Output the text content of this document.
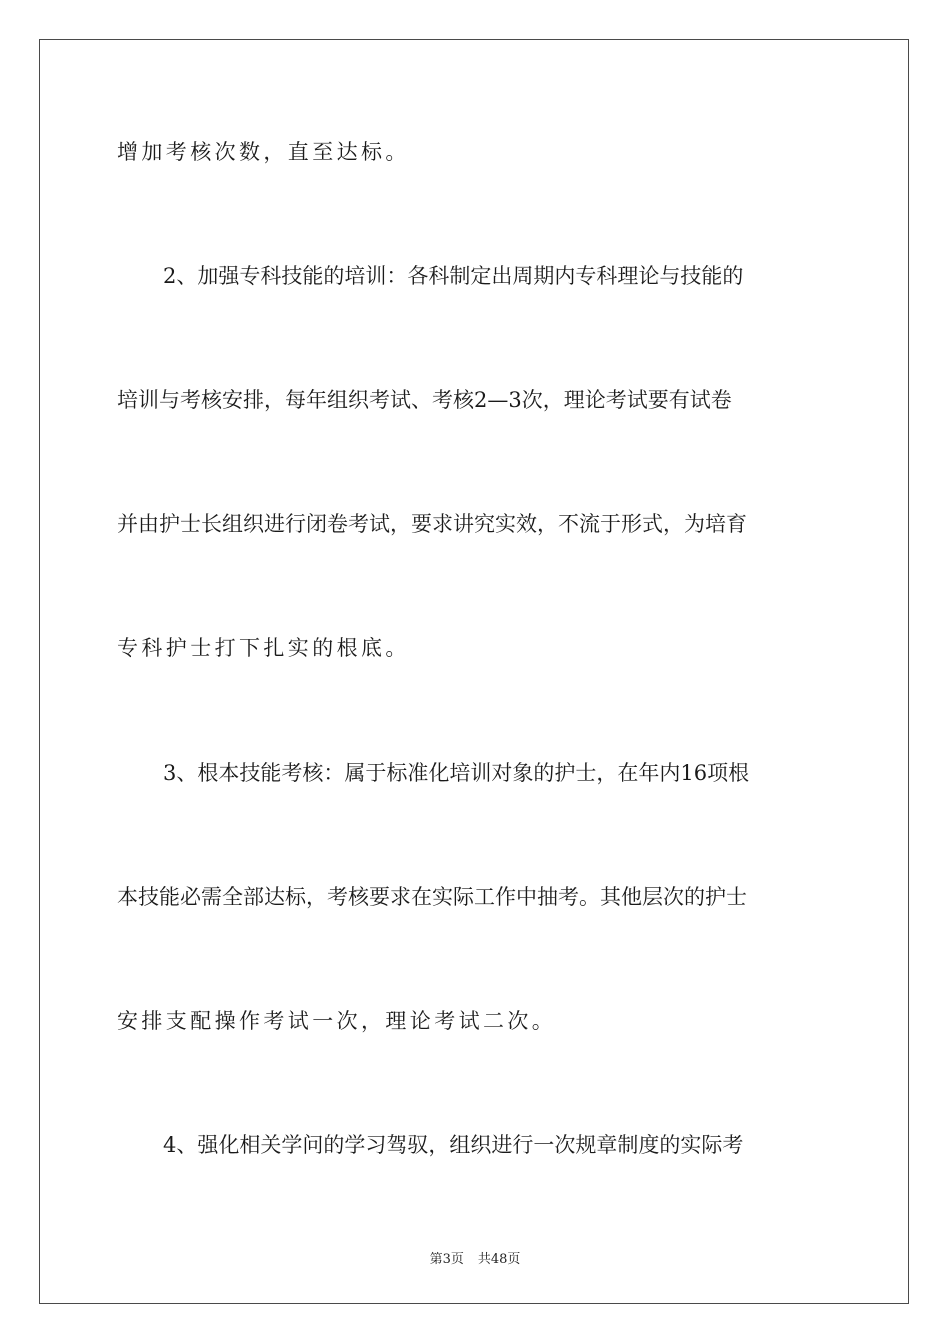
增加考核次数，直至达标。
2、加强专科技能的培训：各科制定出周期内专科理论与技能的
培训与考核安排，每年组织考试、考核2—3次，理论考试要有试卷
并由护士长组织进行闭卷考试，要求讲究实效，不流于形式，为培育
专科护士打下扎实的根底。
3、根本技能考核：属于标准化培训对象的护士，在年内16项根
本技能必需全部达标，考核要求在实际工作中抽考。其他层次的护士
安排支配操作考试一次，理论考试二次。
4、强化相关学问的学习驾驭，组织进行一次规章制度的实际考
第3页 共48页
